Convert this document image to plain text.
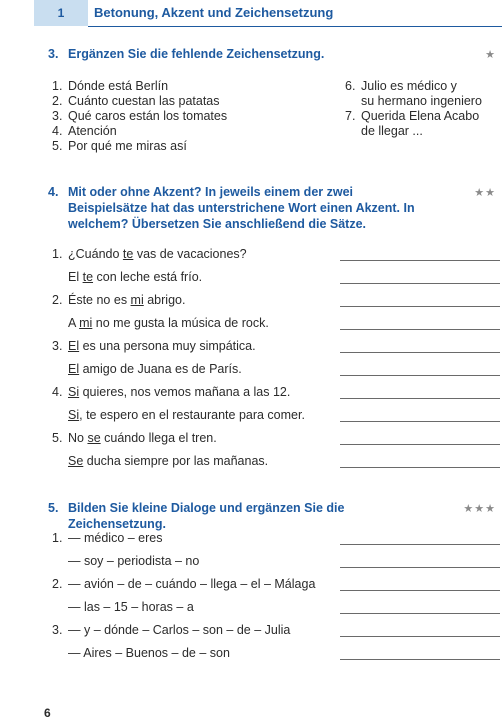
1	Betonung, Akzent und Zeichensetzung
3. Ergänzen Sie die fehlende Zeichensetzung.	★
1. Dónde está Berlín
2. Cuánto cuestan las patatas
3. Qué caros están los tomates
4. Atención
5. Por qué me miras así
6. Julio es médico y
su hermano ingeniero
7. Querida Elena Acabo
de llegar ...
4. Mit oder ohne Akzent? In jeweils einem der zwei Beispielsätze hat das unterstrichene Wort einen Akzent. In welchem? Übersetzen Sie anschließend die Sätze.
★★
1. ¿Cuándo te vas de vacaciones?
El te con leche está frío.
2. Éste no es mi abrigo.
A mi no me gusta la música de rock.
3. El es una persona muy simpática.
El amigo de Juana es de París.
4. Si quieres, nos vemos mañana a las 12.
Si, te espero en el restaurante para comer.
5. No se cuándo llega el tren.
Se ducha siempre por las mañanas.
5. Bilden Sie kleine Dialoge und ergänzen Sie die Zeichensetzung.
★★★
1. — médico – eres
— soy – periodista – no
2. — avión – de – cuándo – llega – el – Málaga
— las – 15 – horas – a
3. — y – dónde – Carlos – son – de – Julia
— Aires – Buenos – de – son
6
